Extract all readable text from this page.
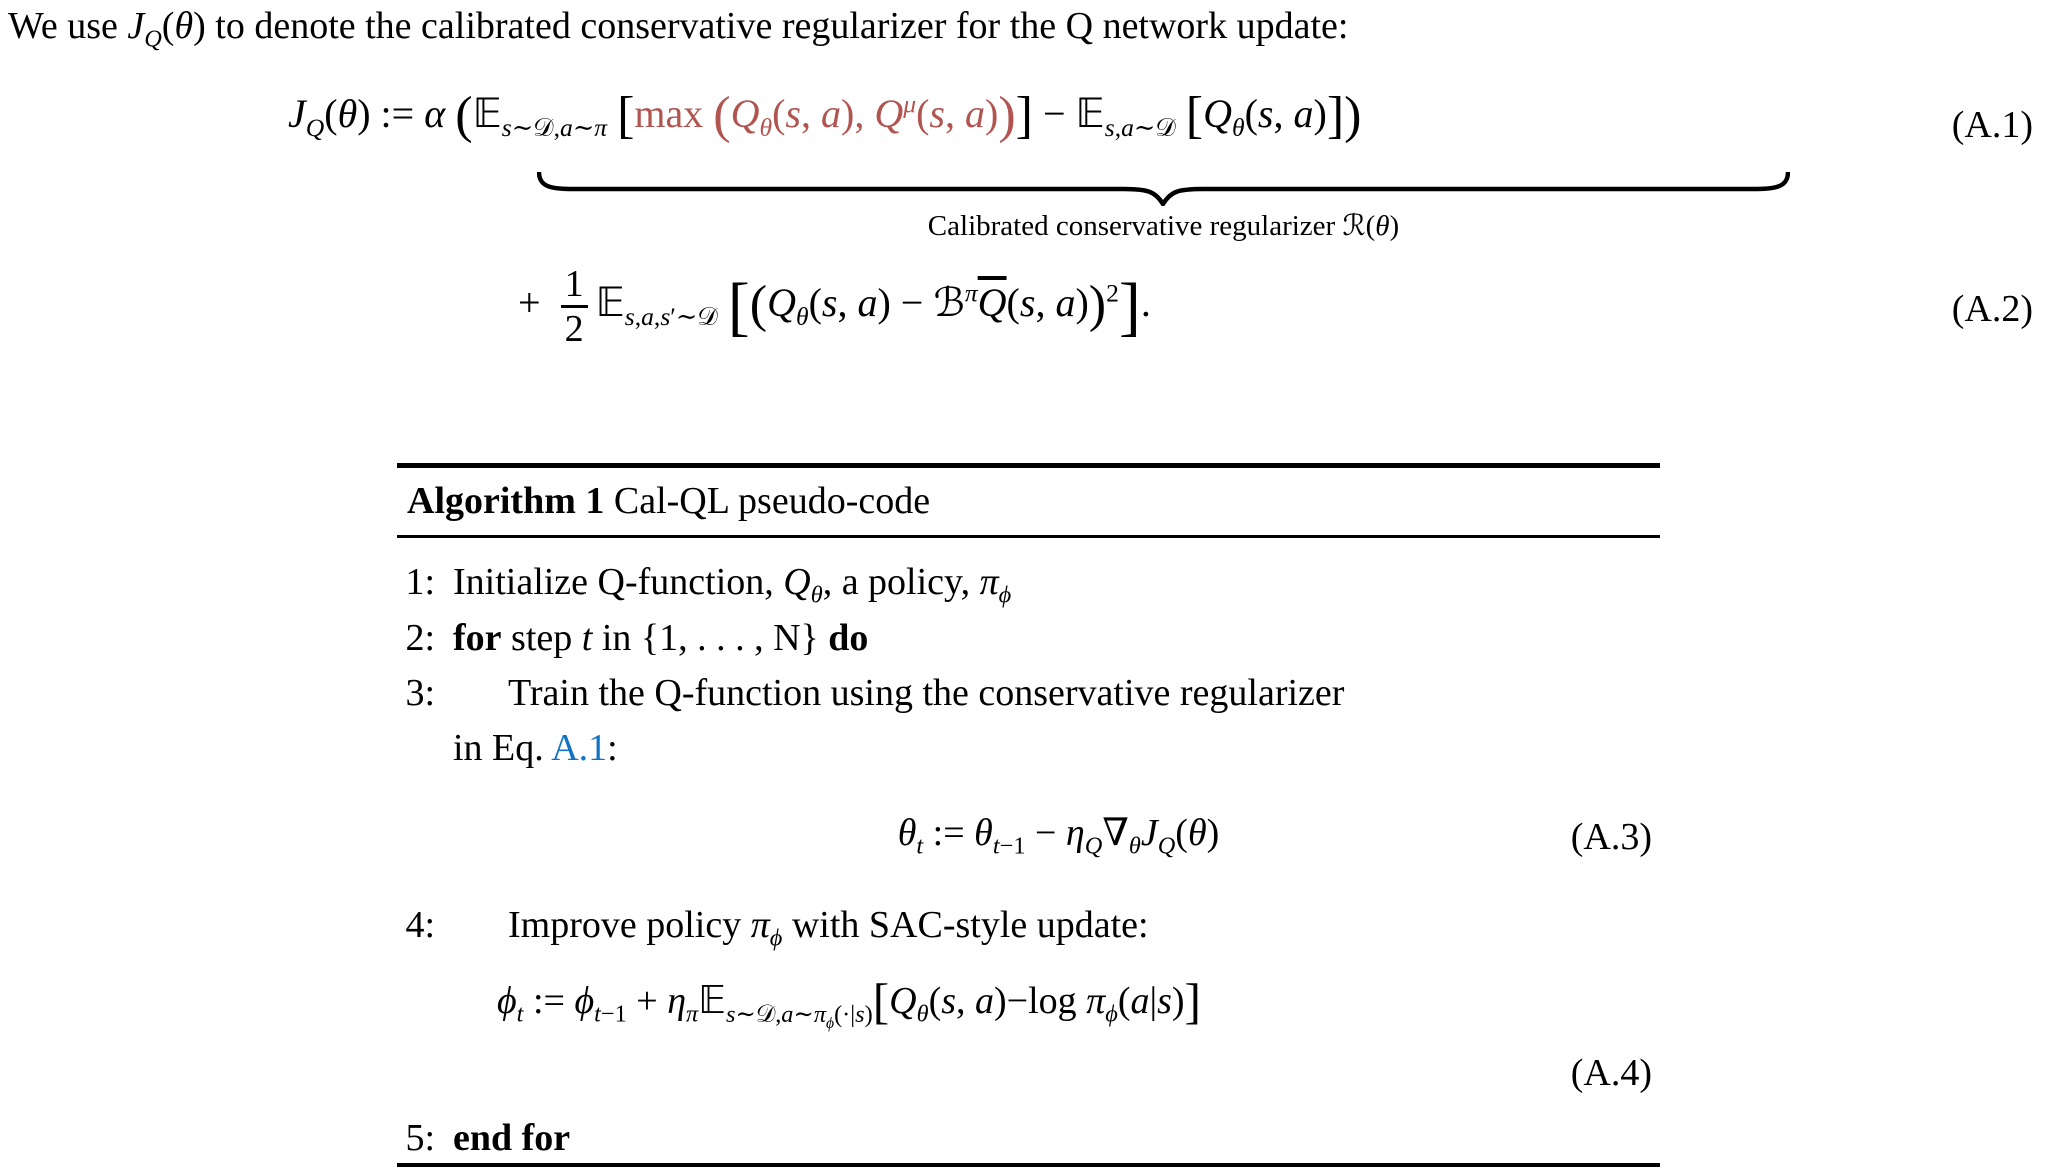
We use $J_Q(\theta)$ to denote the calibrated conservative regularizer for the Q network update:
$J_Q(\theta)$ := α (𝔼$_{s\sim 𝒟,a\sim\pi}$ [max ($Q_\theta(s$, a), $Q^\mu(s$, a))] − 𝔼$_{s,a\sim 𝒟}$ [$Q_\theta(s$, a)])	(A.1)
Calibrated conservative regularizer ℛ(θ)
+ $\frac{1}{2}$ 𝔼$_{s,a,s'\sim 𝒟}$ [($Q_\theta(s$, $a) - ℬ^\pi\overline{Q}(s$, a))$^2$].	(A.2)
Algorithm 1 Cal-QL pseudo-code
1: Initialize Q-function, $Q_\theta$, a policy, $\pi_\phi$
2: for step t in {1, . . . , N} do
3: Train the Q-function using the conservative regularizer
in Eq. A.1:
$\theta_t$ := $\theta_{t-1} - \eta_Q\nabla_\theta J_Q(\theta)$	(A.3)
4: Improve policy $\pi_\phi$ with SAC-style update:
$\phi_t$ := $\phi_{t-1}$ + $\eta_\pi 𝔼_{s\sim 𝒟,a\sim\pi_\phi(\cdot|s)}[Q_\theta(s$, a)−log $\pi_\phi(a|s)$]
(A.4)
5: end for
